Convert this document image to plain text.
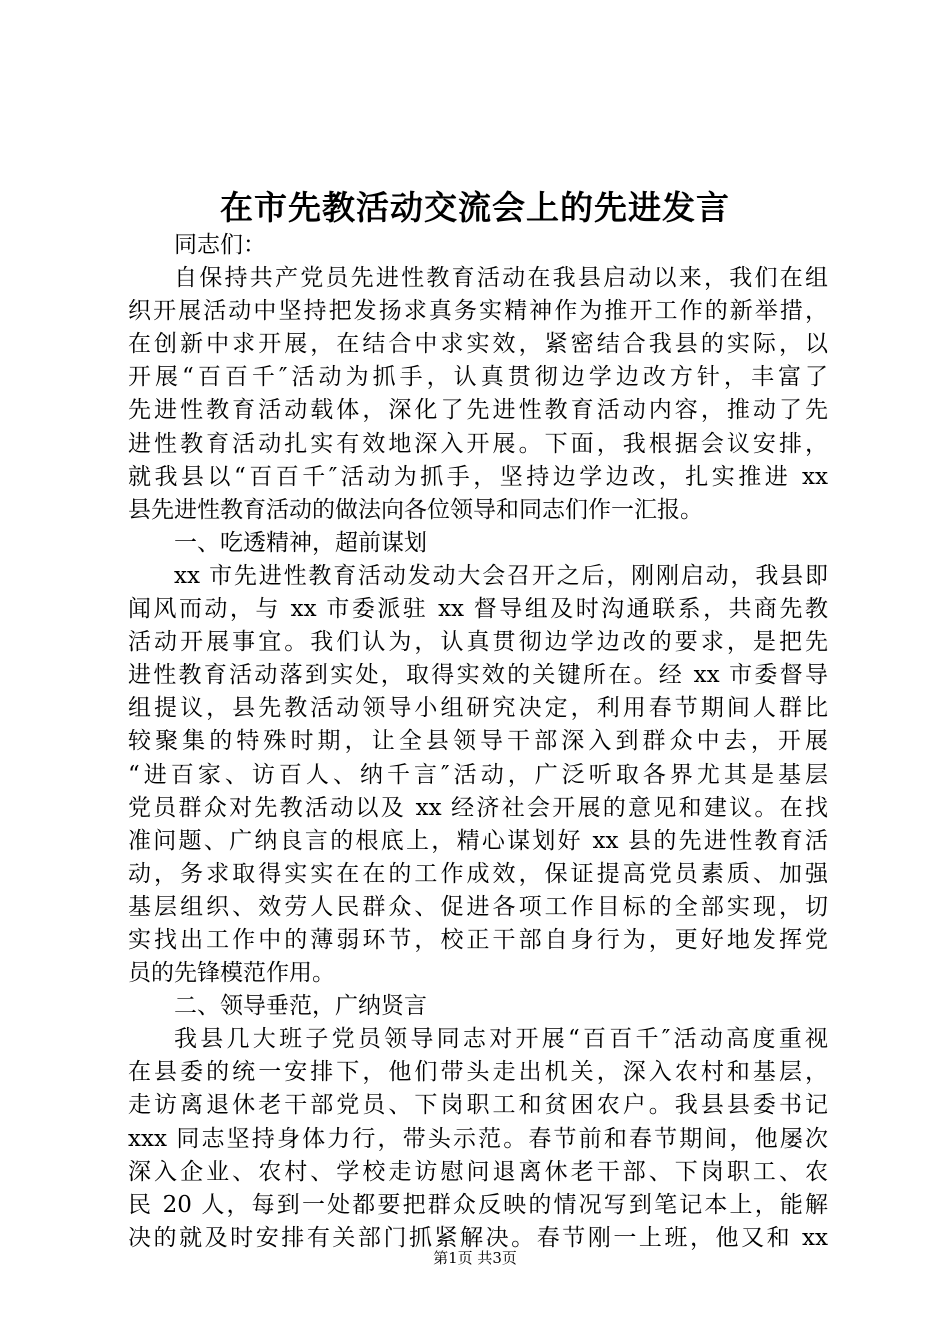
在市先教活动交流会上的先进发言
同志们：
自保持共产党员先进性教育活动在我县启动以来，我们在组
织开展活动中坚持把发扬求真务实精神作为推开工作的新举措，
在创新中求开展，在结合中求实效，紧密结合我县的实际，以
开展“百百千″活动为抓手，认真贯彻边学边改方针，丰富了
先进性教育活动载体，深化了先进性教育活动内容，推动了先
进性教育活动扎实有效地深入开展。下面，我根据会议安排，
就我县以“百百千″活动为抓手，坚持边学边改，扎实推进 xx
县先进性教育活动的做法向各位领导和同志们作一汇报。
一、吃透精神，超前谋划
xx 市先进性教育活动发动大会召开之后，刚刚启动，我县即
闻风而动，与 xx 市委派驻 xx 督导组及时沟通联系，共商先教
活动开展事宜。我们认为，认真贯彻边学边改的要求，是把先
进性教育活动落到实处，取得实效的关键所在。经 xx 市委督导
组提议，县先教活动领导小组研究决定，利用春节期间人群比
较聚集的特殊时期，让全县领导干部深入到群众中去，开展
“进百家、访百人、纳千言″活动，广泛听取各界尤其是基层
党员群众对先教活动以及 xx 经济社会开展的意见和建议。在找
准问题、广纳良言的根底上，精心谋划好 xx 县的先进性教育活
动，务求取得实实在在的工作成效，保证提高党员素质、加强
基层组织、效劳人民群众、促进各项工作目标的全部实现，切
实找出工作中的薄弱环节，校正干部自身行为，更好地发挥党
员的先锋模范作用。
二、领导垂范，广纳贤言
我县几大班子党员领导同志对开展“百百千″活动高度重视
在县委的统一安排下，他们带头走出机关，深入农村和基层，
走访离退休老干部党员、下岗职工和贫困农户。我县县委书记
xxx 同志坚持身体力行，带头示范。春节前和春节期间，他屡次
深入企业、农村、学校走访慰问退离休老干部、下岗职工、农
民 20 人，每到一处都要把群众反映的情况写到笔记本上，能解
决的就及时安排有关部门抓紧解决。春节刚一上班，他又和 xx
第1页 共3页
